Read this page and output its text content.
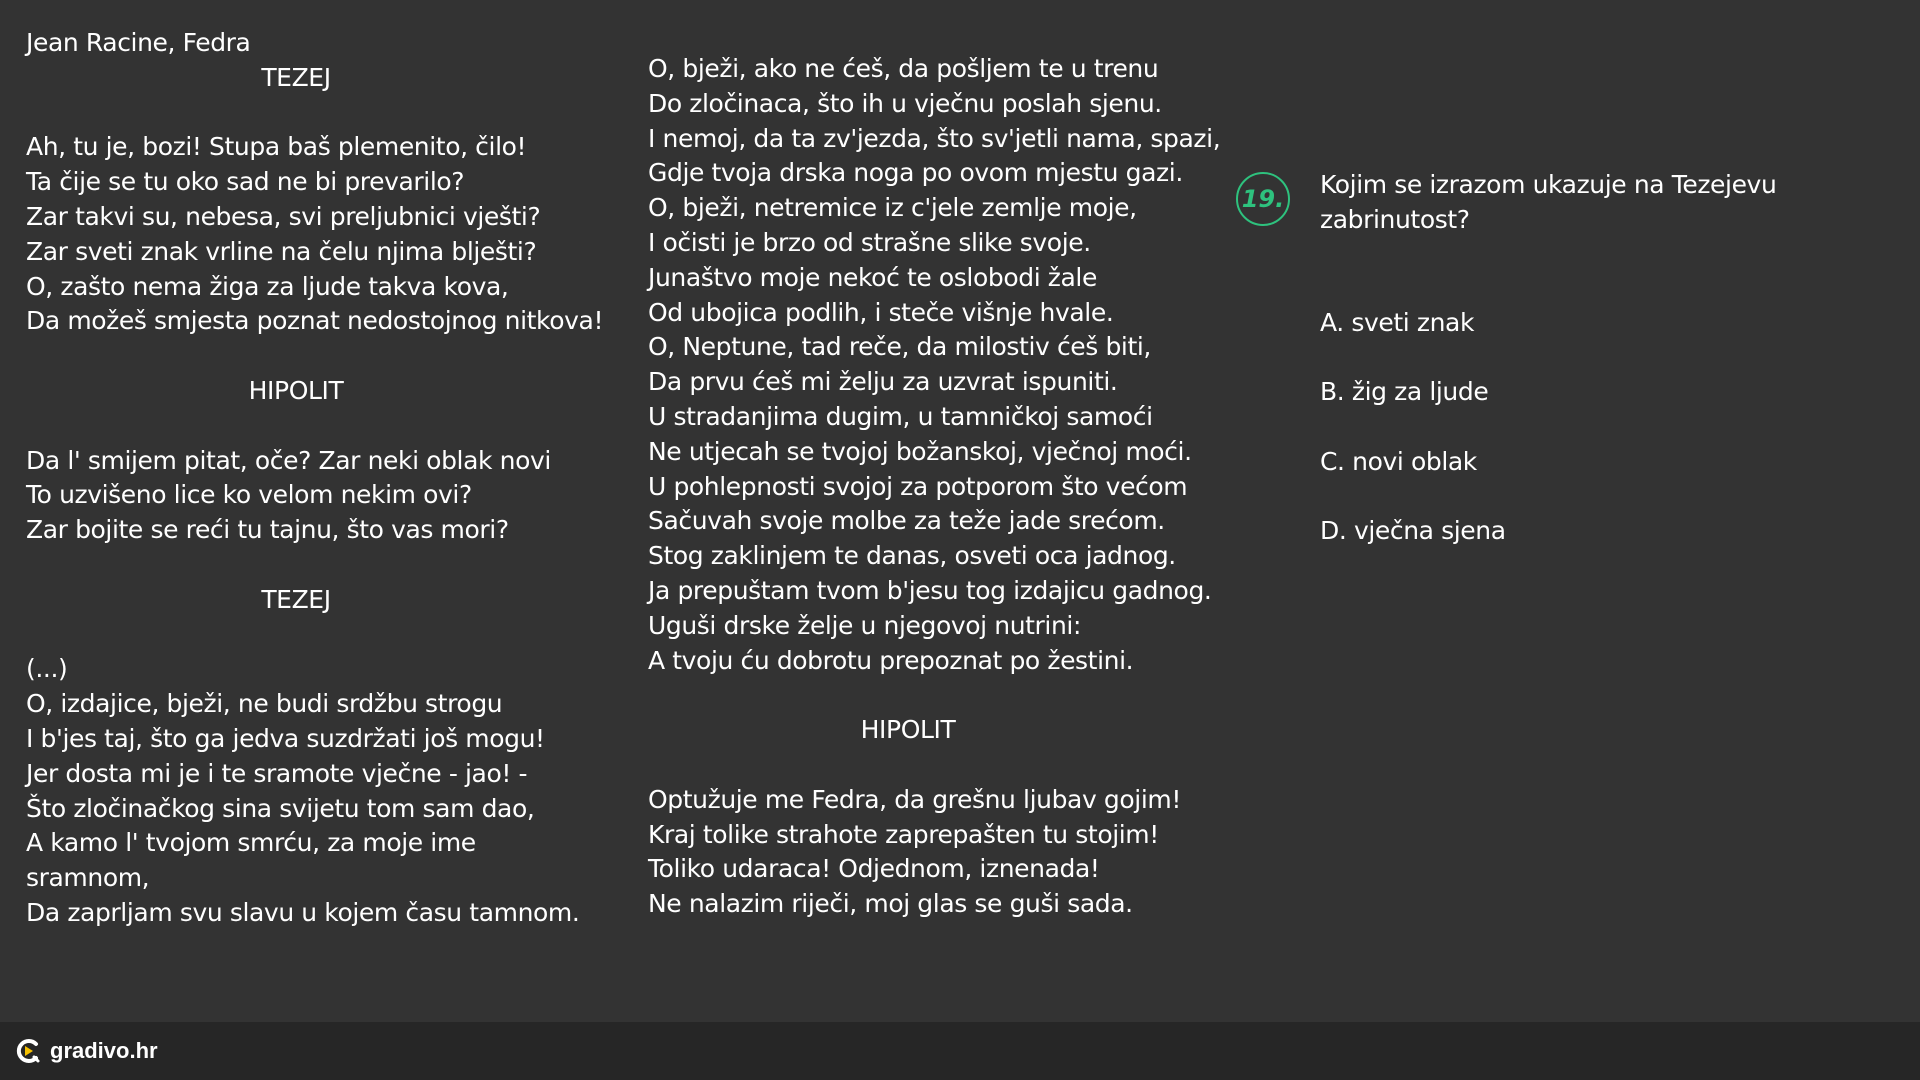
Jean Racine, Fedra
TEZEJ
Ah, tu je, bozi! Stupa baš plemenito, čilo!
Ta čije se tu oko sad ne bi prevarilo?
Zar takvi su, nebesa, svi preljubnici vješti?
Zar sveti znak vrline na čelu njima blješti?
O, zašto nema žiga za ljude takva kova,
Da možeš smjesta poznat nedostojnog nitkova!
HIPOLIT
Da l' smijem pitat, oče? Zar neki oblak novi
To uzvišeno lice ko velom nekim ovi?
Zar bojite se reći tu tajnu, što vas mori?
TEZEJ
(...)
O, izdajice, bježi, ne budi srdžbu strogu
I b'jes taj, što ga jedva suzdržati još mogu!
Jer dosta mi je i te sramote vječne - jao! -
Što zločinačkog sina svijetu tom sam dao,
A kamo l' tvojom smrću, za moje ime
sramnom,
Da zaprljam svu slavu u kojem času tamnom.
O, bježi, ako ne ćeš, da pošljem te u trenu
Do zločinaca, što ih u vječnu poslah sjenu.
I nemoj, da ta zv'jezda, što sv'jetli nama, spazi,
Gdje tvoja drska noga po ovom mjestu gazi.
O, bježi, netremice iz c'jele zemlje moje,
I očisti je brzo od strašne slike svoje.
Junaštvo moje nekoć te oslobodi žale
Od ubojica podlih, i steče višnje hvale.
O, Neptune, tad reče, da milostiv ćeš biti,
Da prvu ćeš mi želju za uzvrat ispuniti.
U stradanjima dugim, u tamničkoj samoći
Ne utjecah se tvojoj božanskoj, vječnoj moći.
U pohlepnosti svojoj za potporom što većom
Sačuvah svoje molbe za teže jade srećom.
Stog zaklinjem te danas, osveti oca jadnog.
Ja prepuštam tvom b'jesu tog izdajicu gadnog.
Uguši drske želje u njegovoj nutrini:
A tvoju ću dobrotu prepoznat po žestini.
HIPOLIT
Optužuje me Fedra, da grešnu ljubav gojim!
Kraj tolike strahote zaprepašten tu stojim!
Toliko udaraca! Odjednom, iznenada!
Ne nalazim riječi, moj glas se guši sada.
19. Kojim se izrazom ukazuje na Tezejevu zabrinutost?
A. sveti znak
B. žig za ljude
C. novi oblak
D. vječna sjena
gradivo.hr
